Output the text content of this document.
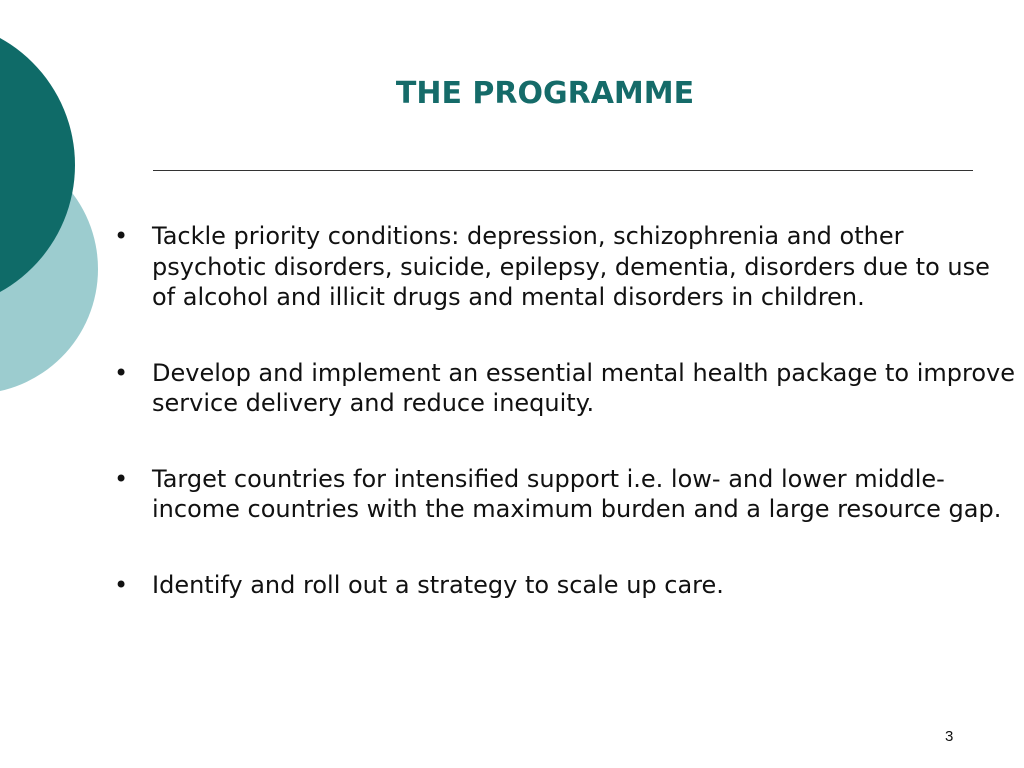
THE PROGRAMME
• Tackle priority conditions: depression, schizophrenia and other psychotic disorders, suicide, epilepsy, dementia, disorders due to use of alcohol and illicit drugs and mental disorders in children.
• Develop and implement an essential mental health package to improve service delivery and reduce inequity.
• Target countries for intensified support i.e. low- and lower middle-income countries with the maximum burden and a large resource gap.
• Identify and roll out a strategy to scale up care.
3
